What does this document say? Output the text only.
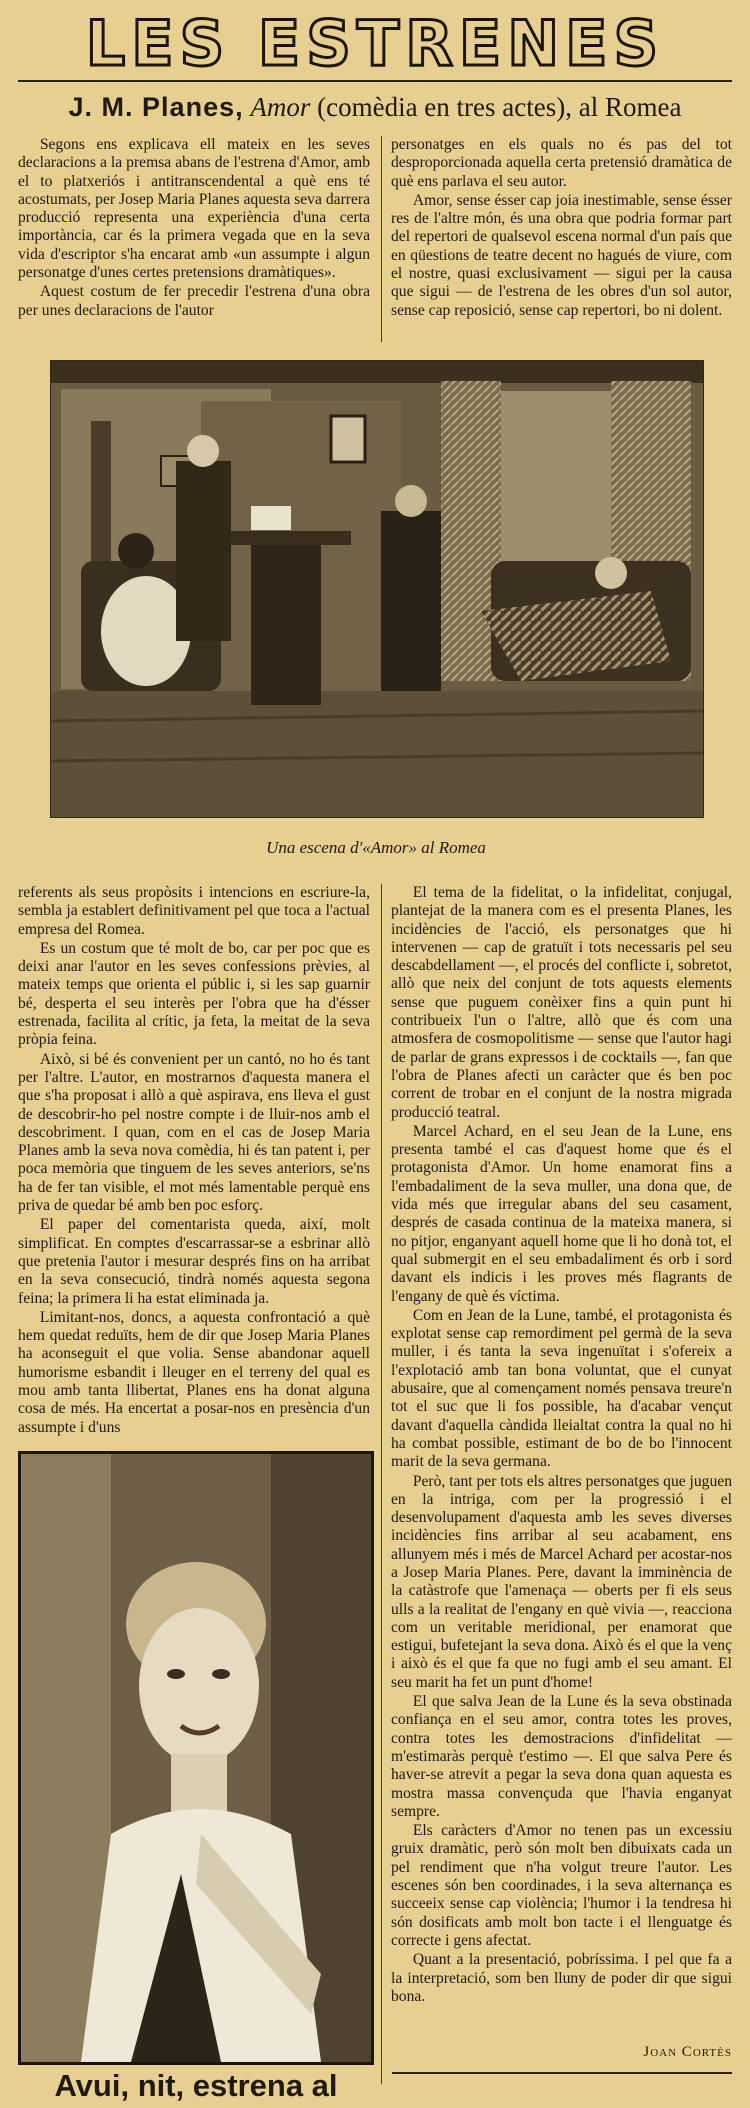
LES ESTRENES
J. M. Planes, Amor (comèdia en tres actes), al Romea

Segons ens explicava ell mateix en les seves declaracions a la premsa abans de l'estrena d'Amor, amb el to platxeriós i antitranscendental a què ens té acostumats, per Josep Maria Planes aquesta seva darrera producció representa una experiència d'una certa importància, car és la primera vegada que en la seva vida d'escriptor s'ha encarat amb «un assumpte i algun personatge d'unes certes pretensions dramàtiques».

Aquest costum de fer precedir l'estrena d'una obra per unes declaracions de l'autor

personatges en els quals no és pas del tot desproporcionada aquella certa pretensió dramàtica de què ens parlava el seu autor.

Amor, sense ésser cap joia inestimable, sense ésser res de l'altre món, és una obra que podria formar part del repertori de qualsevol escena normal d'un país que en qüestions de teatre decent no hagués de viure, com el nostre, quasi exclusivament — sigui per la causa que sigui — de l'estrena de les obres d'un sol autor, sense cap reposició, sense cap repertori, bo ni dolent.

Una escena d'«Amor» al Romea

referents als seus propòsits i intencions en escriure-la, sembla ja establert definitivament pel que toca a l'actual empresa del Romea.

Es un costum que té molt de bo, car per poc que es deixi anar l'autor en les seves confessions prèvies, al mateix temps que orienta el públic i, si les sap guarnir bé, desperta el seu interès per l'obra que ha d'ésser estrenada, facilita al crític, ja feta, la meitat de la seva pròpia feina.

Això, si bé és convenient per un cantó, no ho és tant per l'altre. L'autor, en mostrarnos d'aquesta manera el que s'ha proposat i allò a què aspirava, ens lleva el gust de descobrir-ho pel nostre compte i de lluir-nos amb el descobriment. I quan, com en el cas de Josep Maria Planes amb la seva nova comèdia, hi és tan patent i, per poca memòria que tinguem de les seves anteriors, se'ns ha de fer tan visible, el mot més lamentable perquè ens priva de quedar bé amb ben poc esforç.

El paper del comentarista queda, així, molt simplificat. En comptes d'escarrassar-se a esbrinar allò que pretenia l'autor i mesurar després fins on ha arribat en la seva consecució, tindrà només aquesta segona feina; la primera li ha estat eliminada ja.

Limitant-nos, doncs, a aquesta confrontació a què hem quedat reduïts, hem de dir que Josep Maria Planes ha aconseguit el que volia. Sense abandonar aquell humorisme esbandit i lleuger en el terreny del qual es mou amb tanta llibertat, Planes ens ha donat alguna cosa de més. Ha encertat a posar-nos en presència d'un assumpte i d'uns

El tema de la fidelitat, o la infidelitat, conjugal, plantejat de la manera com es el presenta Planes, les incidències de l'acció, els personatges que hi intervenen — cap de gratuït i tots necessaris pel seu descabdellament —, el procés del conflicte i, sobretot, allò que neix del conjunt de tots aquests elements sense que puguem conèixer fins a quin punt hi contribueix l'un o l'altre, allò que és com una atmosfera de cosmopolitisme — sense que l'autor hagi de parlar de grans expressos i de cocktails —, fan que l'obra de Planes afecti un caràcter que és ben poc corrent de trobar en el conjunt de la nostra migrada producció teatral.

Marcel Achard, en el seu Jean de la Lune, ens presenta també el cas d'aquest home que és el protagonista d'Amor. Un home enamorat fins a l'embadaliment de la seva muller, una dona que, de vida més que irregular abans del seu casament, després de casada continua de la mateixa manera, si no pitjor, enganyant aquell home que li ho donà tot, el qual submergit en el seu embadaliment és orb i sord davant els indicis i les proves més flagrants de l'engany de què és víctima.

Com en Jean de la Lune, també, el protagonista és explotat sense cap remordiment pel germà de la seva muller, i és tanta la seva ingenuïtat i s'ofereix a l'explotació amb tan bona voluntat, que el cunyat abusaire, que al començament només pensava treure'n tot el suc que li fos possible, ha d'acabar vençut davant d'aquella càndida lleialtat contra la qual no hi ha combat possible, estimant de bo de bo l'innocent marit de la seva germana.

Però, tant per tots els altres personatges que juguen en la intriga, com per la progressió i el desenvolupament d'aquesta amb les seves diverses incidències fins arribar al seu acabament, ens allunyem més i més de Marcel Achard per acostar-nos a Josep Maria Planes. Pere, davant la imminència de la catàstrofe que l'amenaça — oberts per fi els seus ulls a la realitat de l'engany en què vivia —, reacciona com un veritable meridional, per enamorat que estigui, bufetejant la seva dona. Això és el que la venç i això és el que fa que no fugi amb el seu amant. El seu marit ha fet un punt d'home!

El que salva Jean de la Lune és la seva obstinada confiança en el seu amor, contra totes les proves, contra totes les demostracions d'infidelitat — m'estimaràs perquè t'estimo —. El que salva Pere és haver-se atrevit a pegar la seva dona quan aquesta es mostra massa convençuda que l'havia enganyat sempre.

Els caràcters d'Amor no tenen pas un excessiu gruix dramàtic, però són molt ben dibuixats cada un pel rendiment que n'ha volgut treure l'autor. Les escenes són ben coordinades, i la seva alternança es succeeix sense cap violència; l'humor i la tendresa hi són dosificats amb molt bon tacte i el llenguatge és correcte i gens afectat.

Quant a la presentació, pobríssima. I pel que fa a la interpretació, som ben lluny de poder dir que sigui bona.

Avui, nit, estrena al
Joan Cortès
